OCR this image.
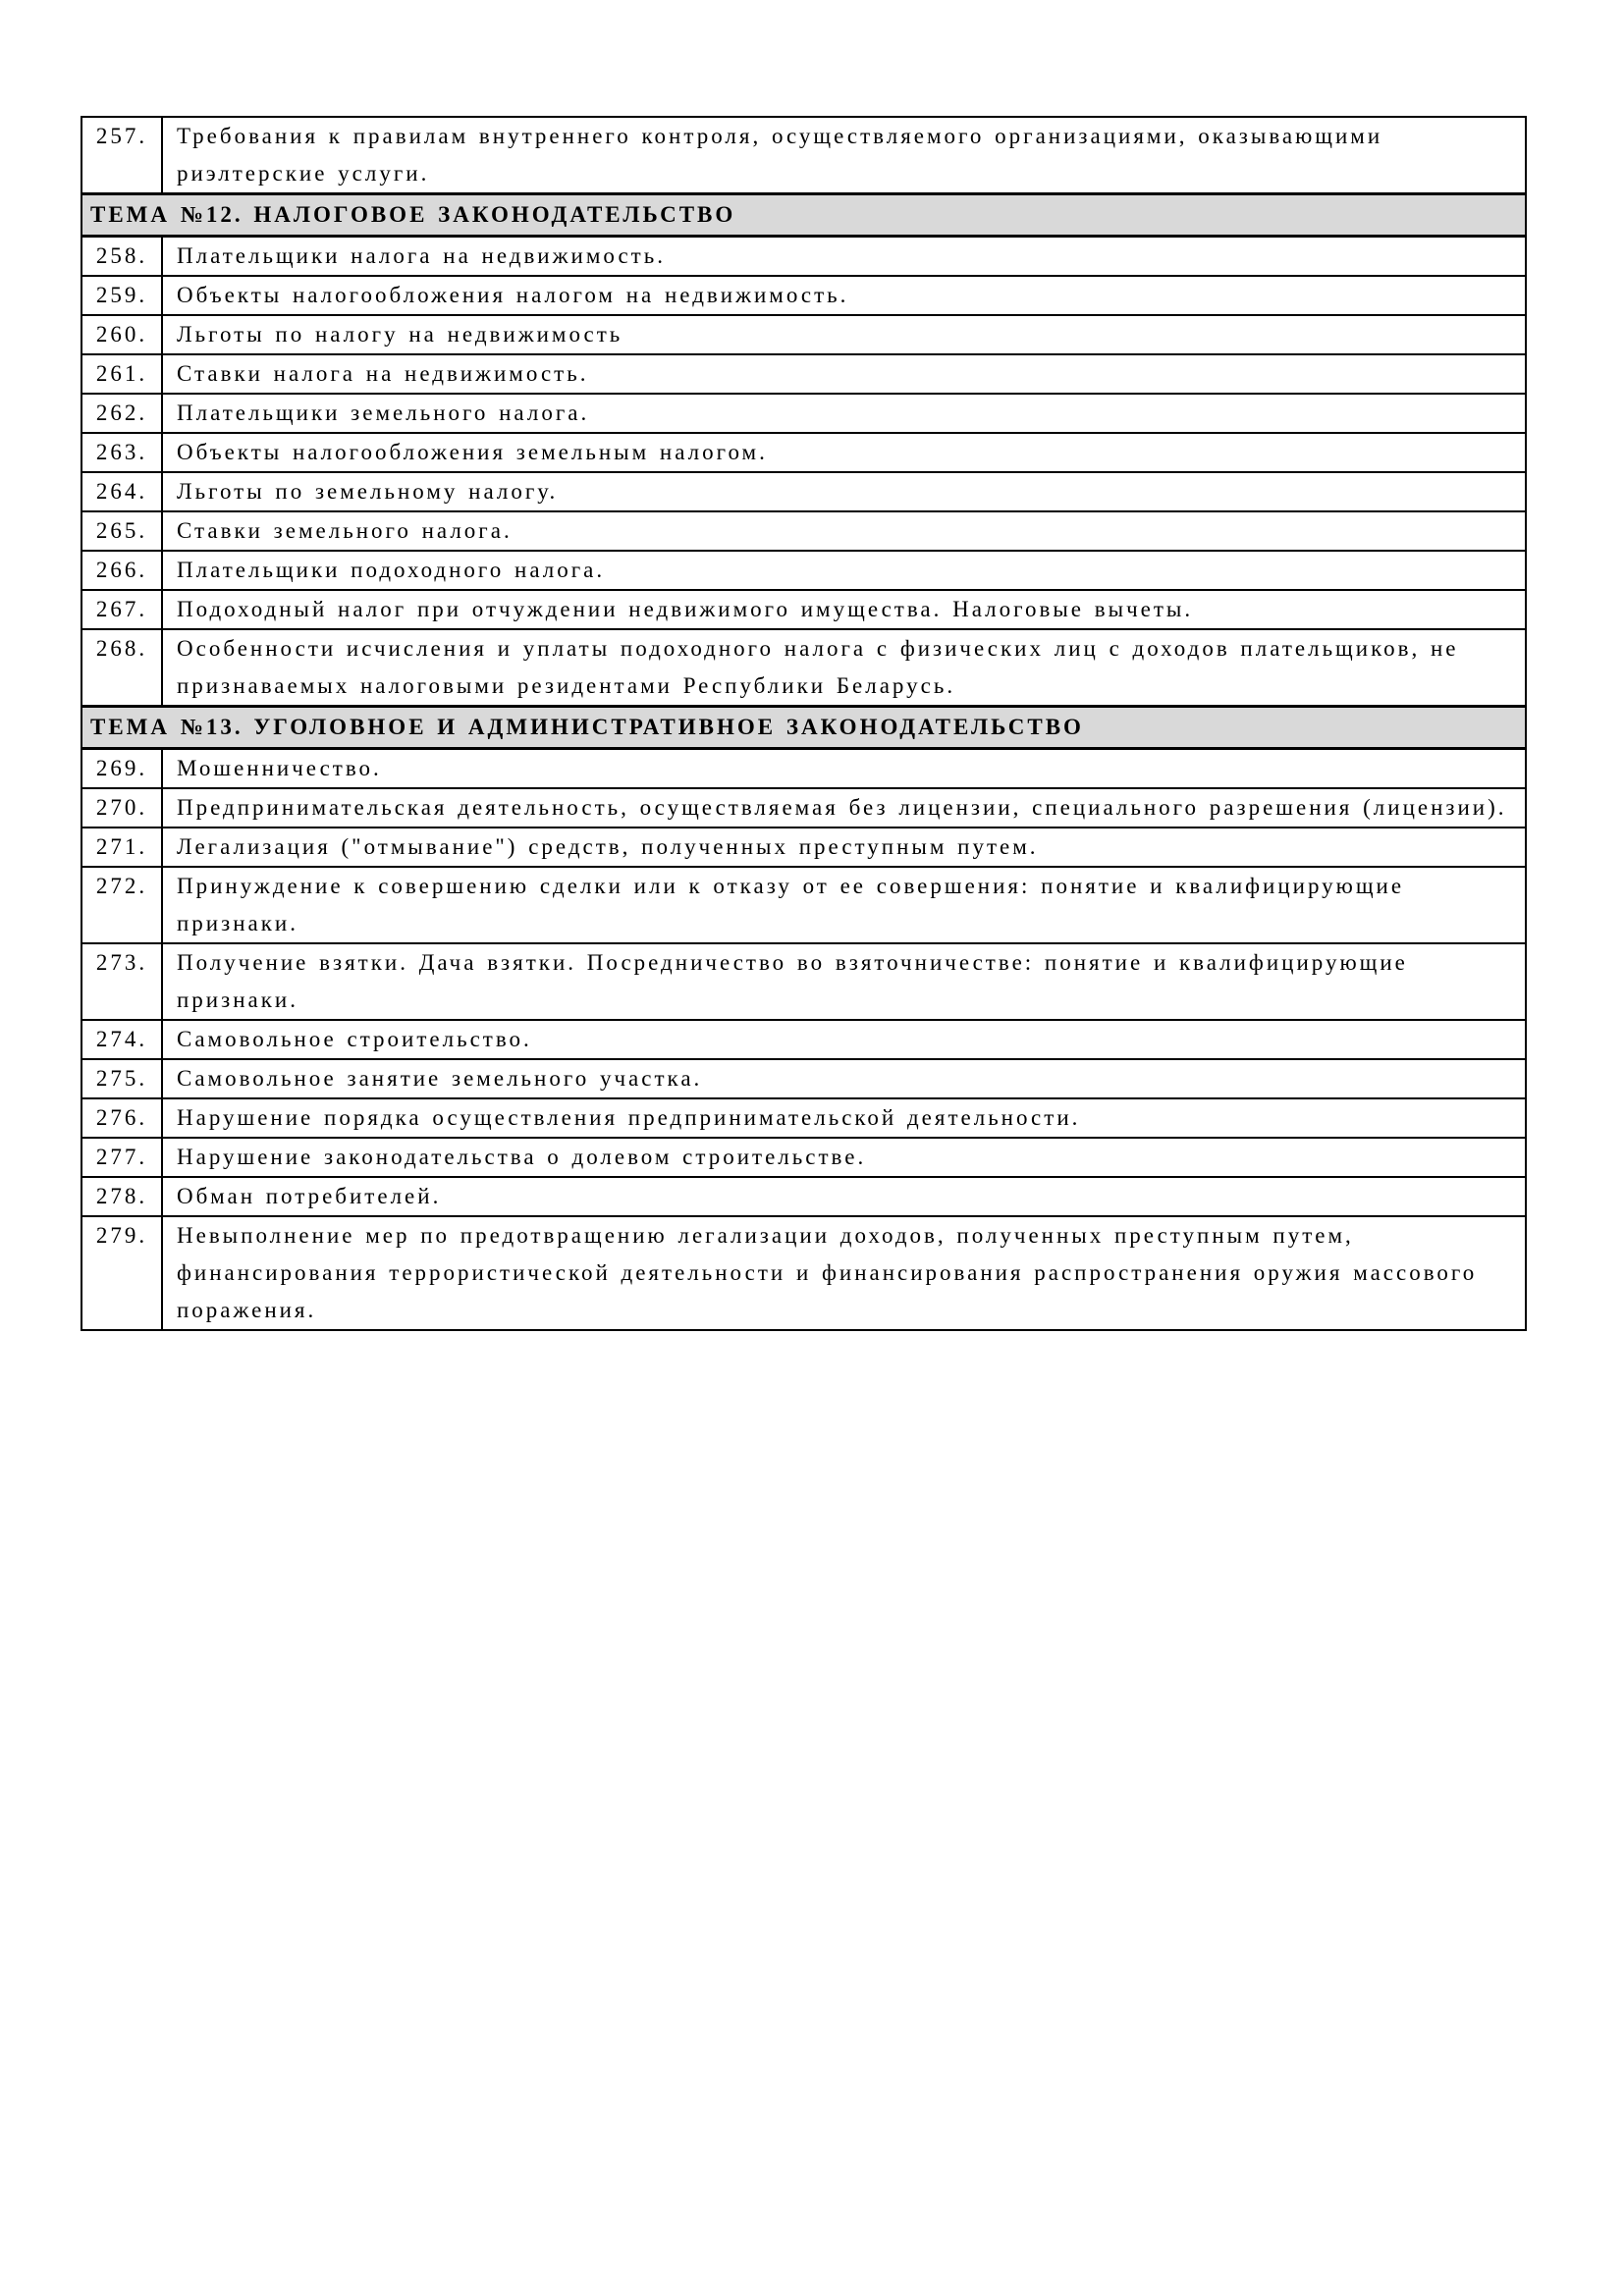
257.	Требования к правилам внутреннего контроля, осуществляемого организациями, оказывающими риэлтерские услуги.
ТЕМА №12. НАЛОГОВОЕ ЗАКОНОДАТЕЛЬСТВО	
258.	Плательщики налога на недвижимость.
259.	Объекты налогообложения налогом на недвижимость.
260.	Льготы по налогу на недвижимость
261.	Ставки налога на недвижимость.
262.	Плательщики земельного налога.
263.	Объекты налогообложения земельным налогом.
264.	Льготы по земельному налогу.
265.	Ставки земельного налога.
266.	Плательщики подоходного налога.
267.	Подоходный налог при отчуждении недвижимого имущества. Налоговые вычеты.
268.	Особенности исчисления и уплаты подоходного налога с физических лиц с доходов плательщиков, не признаваемых налоговыми резидентами Республики Беларусь.
ТЕМА №13. УГОЛОВНОЕ И АДМИНИСТРАТИВНОЕ ЗАКОНОДАТЕЛЬСТВО	
269.	Мошенничество.
270.	Предпринимательская деятельность, осуществляемая без лицензии, специального разрешения (лицензии).
271.	Легализация ("отмывание") средств, полученных преступным путем.
272.	Принуждение к совершению сделки или к отказу от ее совершения: понятие и квалифицирующие признаки.
273.	Получение взятки. Дача взятки. Посредничество во взяточничестве: понятие и квалифицирующие признаки.
274.	Самовольное строительство.
275.	Самовольное занятие земельного участка.
276.	Нарушение порядка осуществления предпринимательской деятельности.
277.	Нарушение законодательства о долевом строительстве.
278.	Обман потребителей.
279.	Невыполнение мер по предотвращению легализации доходов, полученных преступным путем, финансирования террористической деятельности и финансирования распространения оружия массового поражения.
